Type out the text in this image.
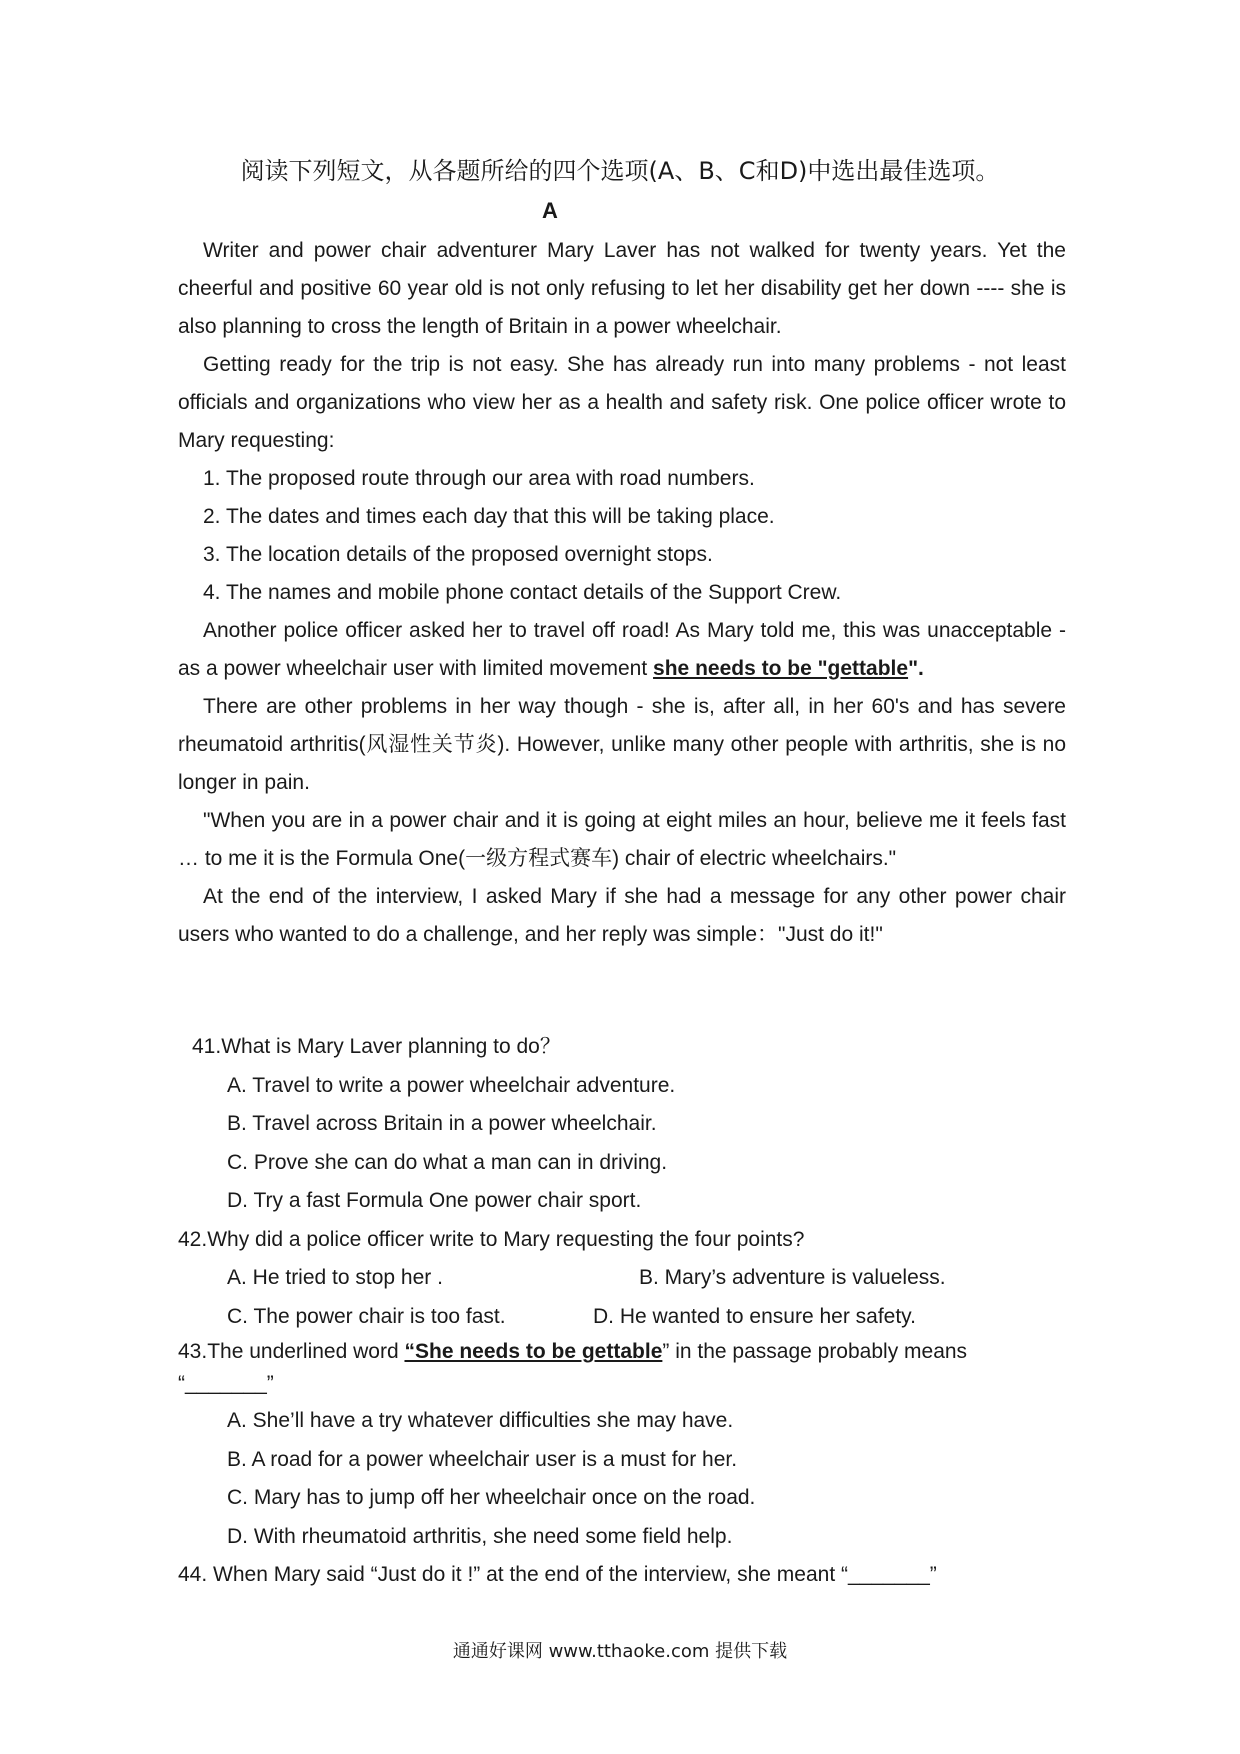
阅读下列短文，从各题所给的四个选项(A、B、C和D)中选出最佳选项。
A

Writer and power chair adventurer Mary Laver has not walked for twenty years. Yet the cheerful and positive 60 year old is not only refusing to let her disability get her down ---- she is also planning to cross the length of Britain in a power wheelchair.

Getting ready for the trip is not easy. She has already run into many problems - not least officials and organizations who view her as a health and safety risk. One police officer wrote to Mary requesting:

1. The proposed route through our area with road numbers.

2. The dates and times each day that this will be taking place.

3. The location details of the proposed overnight stops.

4. The names and mobile phone contact details of the Support Crew.

Another police officer asked her to travel off road! As Mary told me, this was unacceptable - as a power wheelchair user with limited movement she needs to be "gettable".

There are other problems in her way though - she is, after all, in her 60's and has severe rheumatoid arthritis(风湿性关节炎). However, unlike many other people with arthritis, she is no longer in pain.

"When you are in a power chair and it is going at eight miles an hour, believe me it feels fast … to me it is the Formula One(一级方程式赛车) chair of electric wheelchairs."

At the end of the interview, I asked Mary if she had a message for any other power chair users who wanted to do a challenge, and her reply was simple："Just do it!"

41.What is Mary Laver planning to do？

A. Travel to write a power wheelchair adventure.

B. Travel across Britain in a power wheelchair.

C. Prove she can do what a man can in driving.

D. Try a fast Formula One power chair sport.

42.Why did a police officer write to Mary requesting the four points?

A. He tried to stop her .	B. Mary’s adventure is valueless.
C. The power chair is too fast.	D. He wanted to ensure her safety.

43.The underlined word “She needs to be gettable” in the passage probably means

“_______”

A. She’ll have a try whatever difficulties she may have.

B. A road for a power wheelchair user is a must for her.

C. Mary has to jump off her wheelchair once on the road.

D. With rheumatoid arthritis, she need some field help.

44. When Mary said “Just do it !” at the end of the interview, she meant “_______”

通通好课网 www.tthaoke.com 提供下载
